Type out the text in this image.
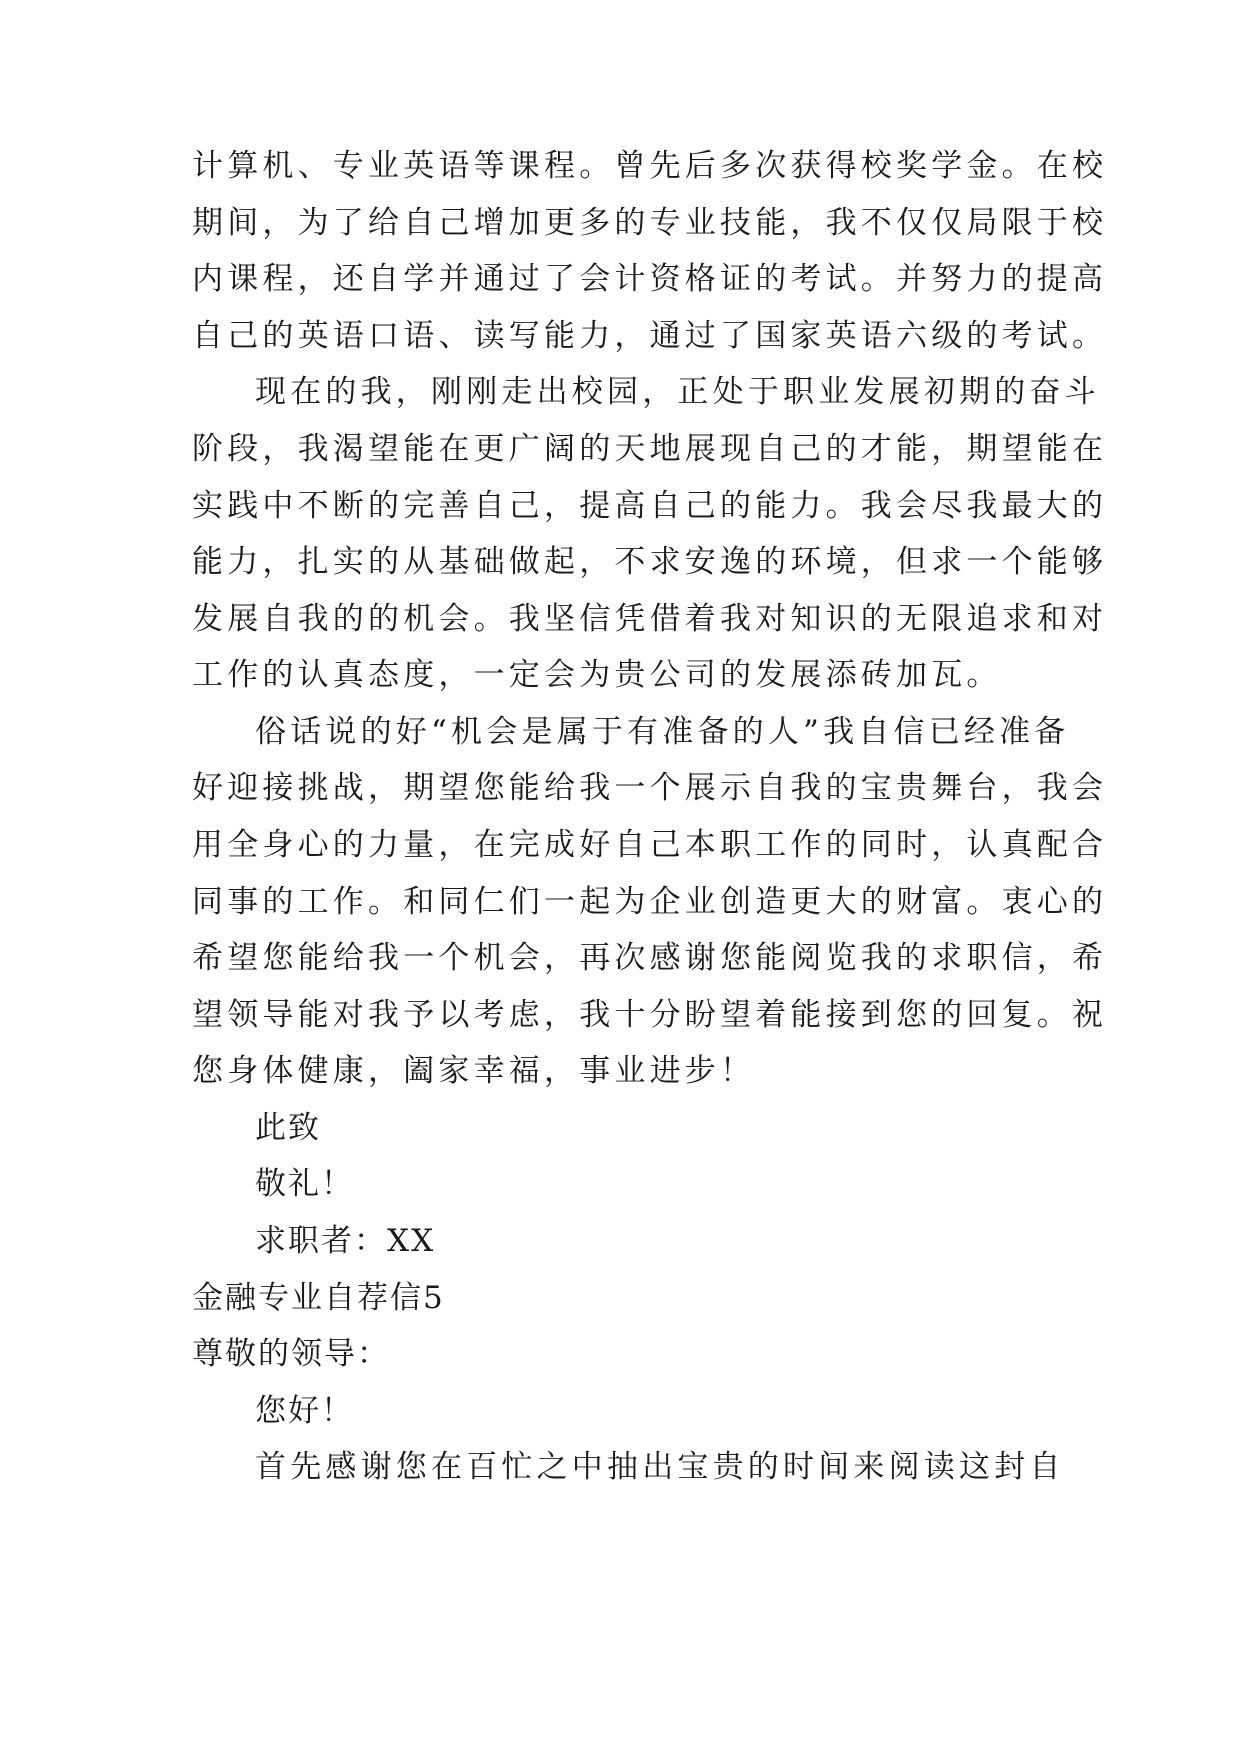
计算机、专业英语等课程。曾先后多次获得校奖学金。在校
期间，为了给自己增加更多的专业技能，我不仅仅局限于校
内课程，还自学并通过了会计资格证的考试。并努力的提高
自己的英语口语、读写能力，通过了国家英语六级的考试。
现在的我，刚刚走出校园，正处于职业发展初期的奋斗
阶段，我渴望能在更广阔的天地展现自己的才能，期望能在
实践中不断的完善自己，提高自己的能力。我会尽我最大的
能力，扎实的从基础做起，不求安逸的环境，但求一个能够
发展自我的的机会。我坚信凭借着我对知识的无限追求和对
工作的认真态度，一定会为贵公司的发展添砖加瓦。
俗话说的好“机会是属于有准备的人”我自信已经准备
好迎接挑战，期望您能给我一个展示自我的宝贵舞台，我会
用全身心的力量，在完成好自己本职工作的同时，认真配合
同事的工作。和同仁们一起为企业创造更大的财富。衷心的
希望您能给我一个机会，再次感谢您能阅览我的求职信，希
望领导能对我予以考虑，我十分盼望着能接到您的回复。祝
您身体健康，阖家幸福，事业进步！
此致
敬礼！
求职者：XX
金融专业自荐信5
尊敬的领导：
您好！
首先感谢您在百忙之中抽出宝贵的时间来阅读这封自
